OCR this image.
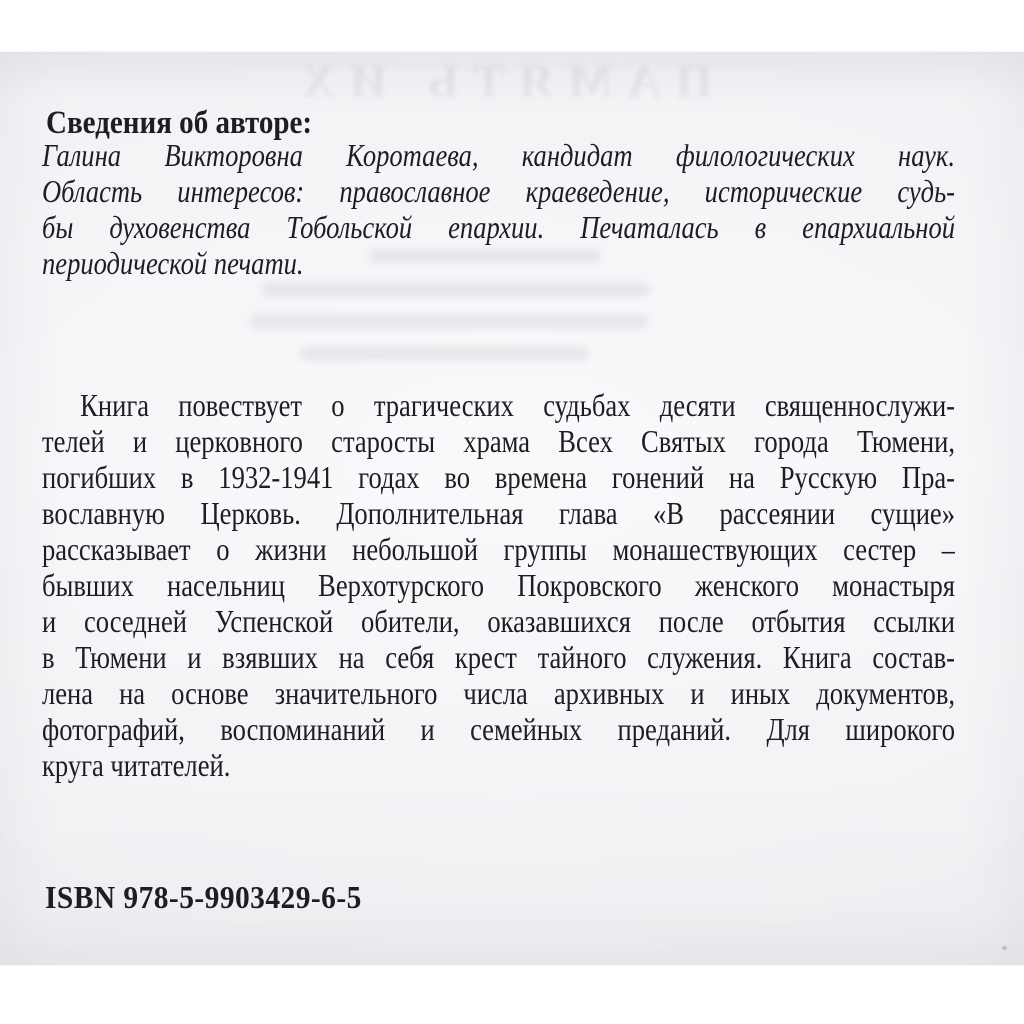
ПАМЯТЬ ИХ
Сведения об авторе:
Галина Викторовна Коротаева, кандидат филологических наук.
Область интересов: православное краеведение, исторические судь-
бы духовенства Тобольской епархии. Печаталась в епархиальной
периодической печати.
Книга повествует о трагических судьбах десяти священнослужи-
телей и церковного старосты храма Всех Святых города Тюмени,
погибших в 1932-1941 годах во времена гонений на Русскую Пра-
вославную Церковь. Дополнительная глава «В рассеянии сущие»
рассказывает о жизни небольшой группы монашествующих сестер –
бывших насельниц Верхотурского Покровского женского монастыря
и соседней Успенской обители, оказавшихся после отбытия ссылки
в Тюмени и взявших на себя крест тайного служения. Книга состав-
лена на основе значительного числа архивных и иных документов,
фотографий, воспоминаний и семейных преданий. Для широкого
круга читателей.
ISBN 978-5-9903429-6-5
